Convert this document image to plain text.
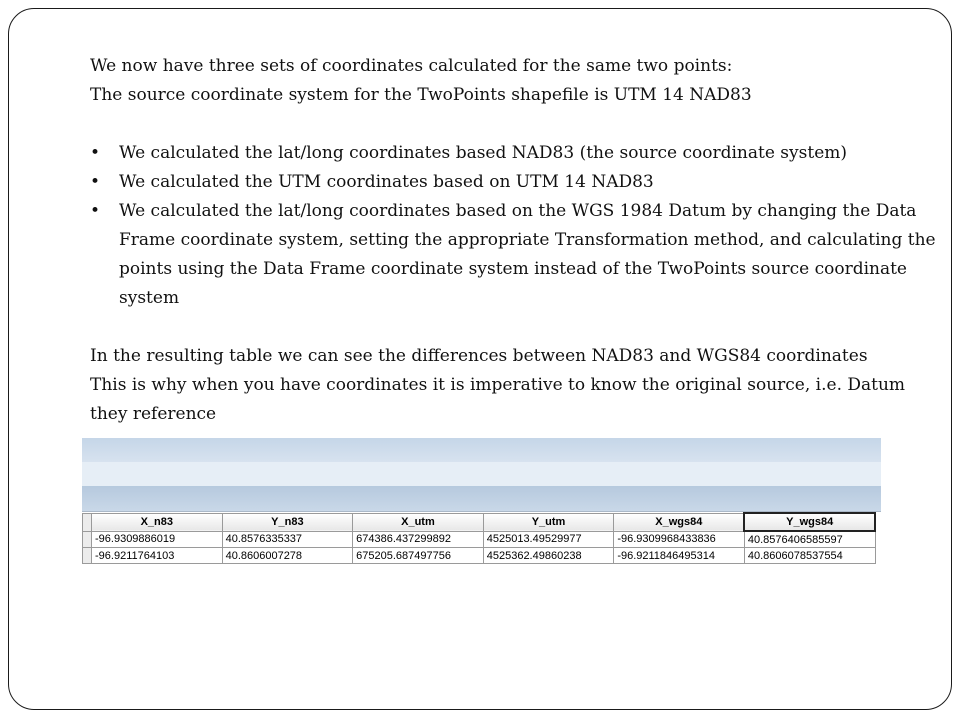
We now have three sets of coordinates calculated for the same two points:

The source coordinate system for the TwoPoints shapefile is UTM 14 NAD83

• We calculated the lat/long coordinates based NAD83 (the source coordinate system)
• We calculated the UTM coordinates based on UTM 14 NAD83
• We calculated the lat/long coordinates based on the WGS 1984 Datum by changing the Data Frame coordinate system, setting the appropriate Transformation method, and calculating the points using the Data Frame coordinate system instead of the TwoPoints source coordinate system

In the resulting table we can see the differences between NAD83 and WGS84 coordinates

This is why when you have coordinates it is imperative to know the original source, i.e. Datum they reference

	X_n83	Y_n83	X_utm	Y_utm	X_wgs84	Y_wgs84
	-96.9309886019	40.8576335337	674386.437299892	4525013.49529977	-96.9309968433836	40.8576406585597
	-96.9211764103	40.8606007278	675205.687497756	4525362.49860238	-96.9211846495314	40.8606078537554
